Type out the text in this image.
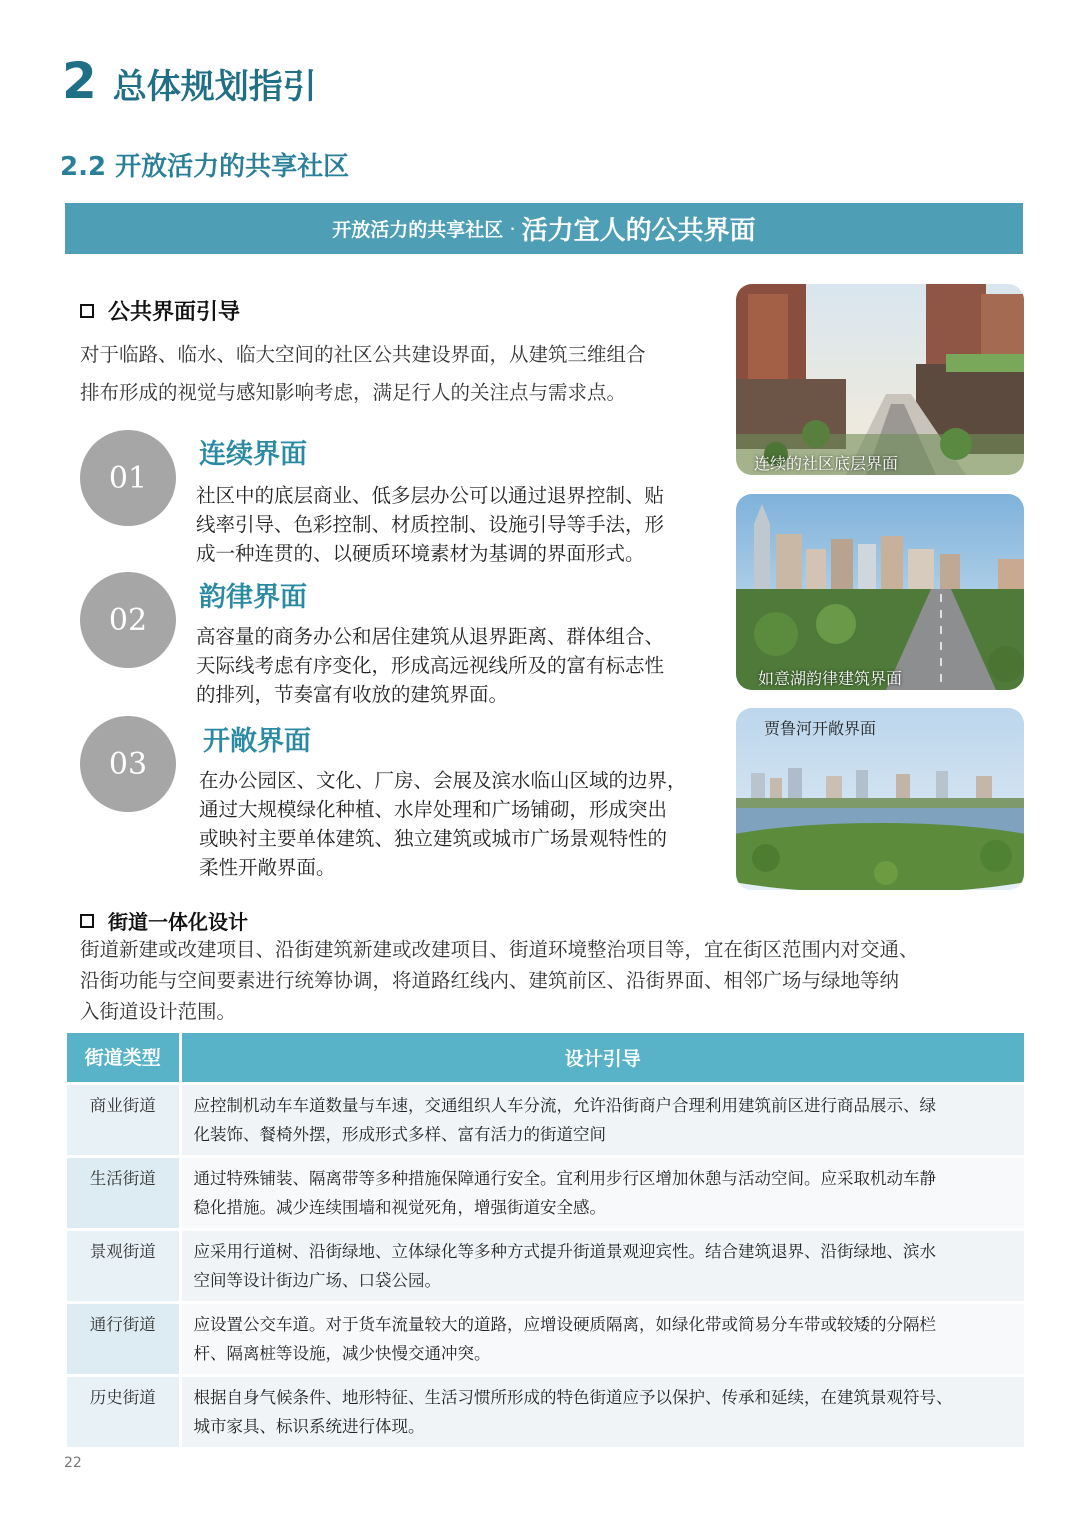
2 总体规划指引
2.2 开放活力的共享社区
开放活力的共享社区 · 活力宜人的公共界面
公共界面引导
对于临路、临水、临大空间的社区公共建设界面，从建筑三维组合
排布形成的视觉与感知影响考虑，满足行人的关注点与需求点。
01
连续界面
社区中的底层商业、低多层办公可以通过退界控制、贴
线率引导、色彩控制、材质控制、设施引导等手法，形
成一种连贯的、以硬质环境素材为基调的界面形式。
02
韵律界面
高容量的商务办公和居住建筑从退界距离、群体组合、
天际线考虑有序变化，形成高远视线所及的富有标志性
的排列，节奏富有收放的建筑界面。
03
开敞界面
在办公园区、文化、厂房、会展及滨水临山区域的边界，
通过大规模绿化种植、水岸处理和广场铺砌，形成突出
或映衬主要单体建筑、独立建筑或城市广场景观特性的
柔性开敞界面。
连续的社区底层界面
如意湖韵律建筑界面
贾鲁河开敞界面
街道一体化设计
街道新建或改建项目、沿街建筑新建或改建项目、街道环境整治项目等，宜在街区范围内对交通、
沿街功能与空间要素进行统筹协调，将道路红线内、建筑前区、沿街界面、相邻广场与绿地等纳
入街道设计范围。
街道类型	设计引导
商业街道	应控制机动车车道数量与车速，交通组织人车分流，允许沿街商户合理利用建筑前区进行商品展示、绿
化装饰、餐椅外摆，形成形式多样、富有活力的街道空间

生活街道	通过特殊铺装、隔离带等多种措施保障通行安全。宜利用步行区增加休憩与活动空间。应采取机动车静
稳化措施。减少连续围墙和视觉死角，增强街道安全感。

景观街道	应采用行道树、沿街绿地、立体绿化等多种方式提升街道景观迎宾性。结合建筑退界、沿街绿地、滨水
空间等设计街边广场、口袋公园。

通行街道	应设置公交车道。对于货车流量较大的道路，应增设硬质隔离，如绿化带或简易分车带或较矮的分隔栏
杆、隔离桩等设施，减少快慢交通冲突。

历史街道	根据自身气候条件、地形特征、生活习惯所形成的特色街道应予以保护、传承和延续，在建筑景观符号、
城市家具、标识系统进行体现。
22
